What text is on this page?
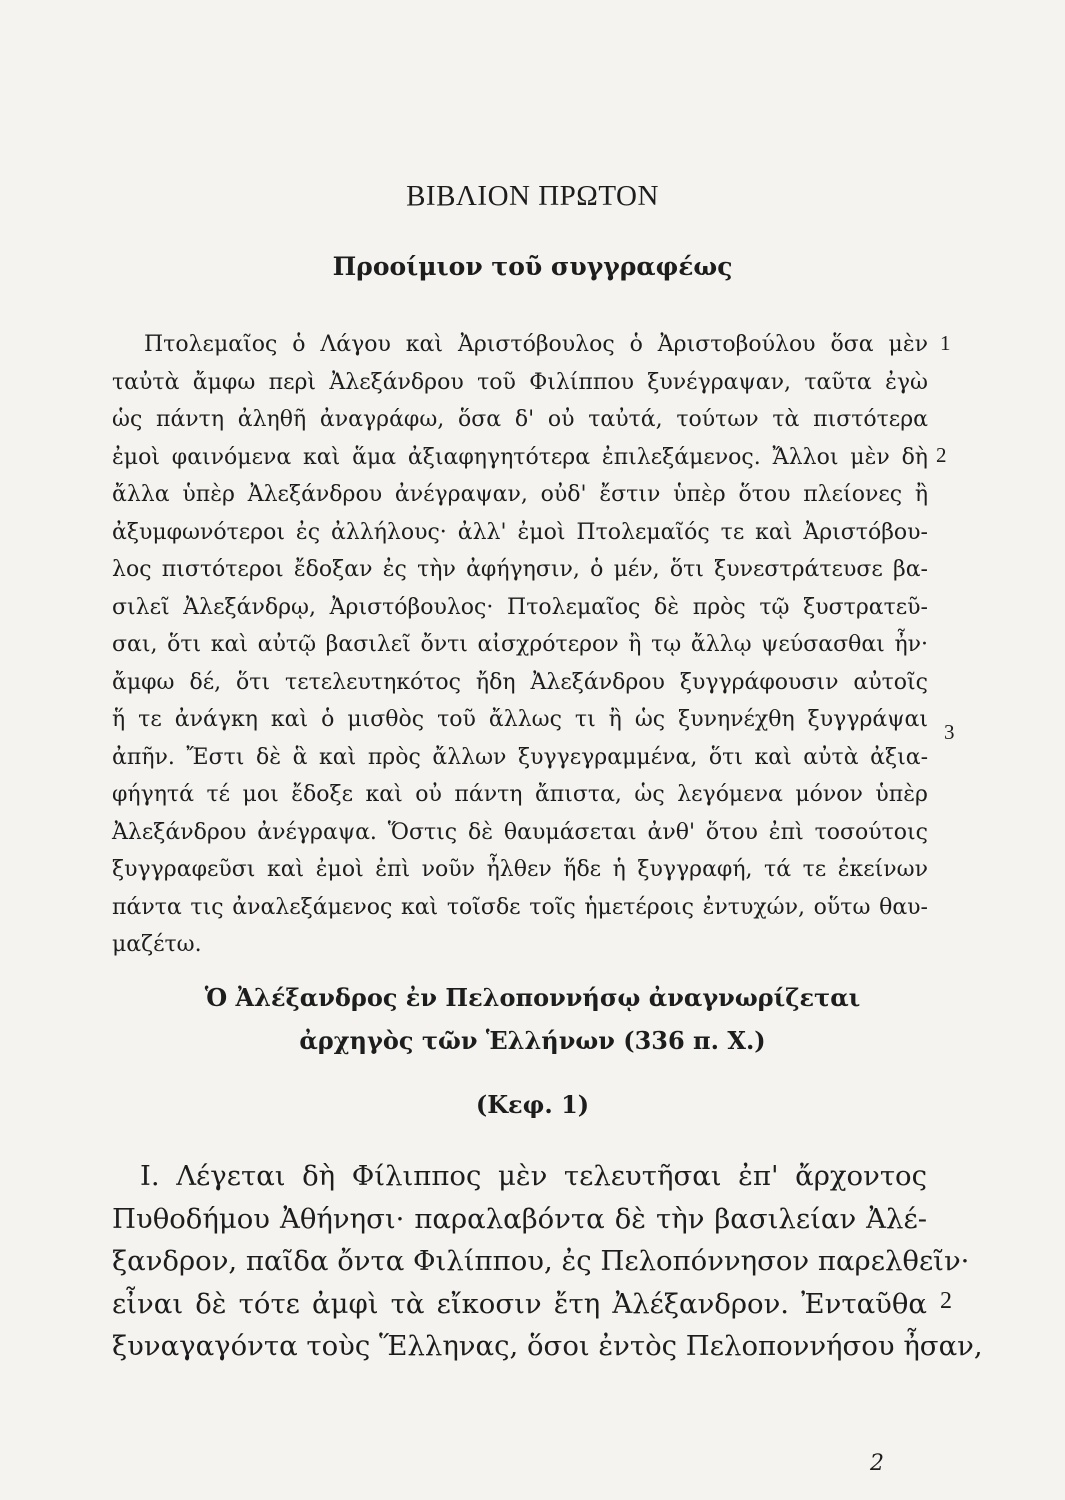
ΒΙΒΛΙΟΝ ΠΡΩΤΟΝ
Προοίμιον τοῦ συγγραφέως
Πτολεμαῖος ὁ Λάγου καὶ Ἀριστόβουλος ὁ Ἀριστοβούλου ὅσα μὲν
ταὐτὰ ἄμφω περὶ Ἀλεξάνδρου τοῦ Φιλίππου ξυνέγραψαν, ταῦτα ἐγὼ
ὡς πάντη ἀληθῆ ἀναγράφω, ὅσα δ' οὐ ταὐτά, τούτων τὰ πιστότερα
ἐμοὶ φαινόμενα καὶ ἅμα ἀξιαφηγητότερα ἐπιλεξάμενος. Ἄλλοι μὲν δὴ
ἄλλα ὑπὲρ Ἀλεξάνδρου ἀνέγραψαν, οὐδ' ἔστιν ὑπὲρ ὅτου πλείονες ἢ
ἀξυμφωνότεροι ἐς ἀλλήλους· ἀλλ' ἐμοὶ Πτολεμαῖός τε καὶ Ἀριστόβου-
λος πιστότεροι ἔδοξαν ἐς τὴν ἀφήγησιν, ὁ μέν, ὅτι ξυνεστράτευσε βα-
σιλεῖ Ἀλεξάνδρῳ, Ἀριστόβουλος· Πτολεμαῖος δὲ πρὸς τῷ ξυστρατεῦ-
σαι, ὅτι καὶ αὐτῷ βασιλεῖ ὄντι αἰσχρότερον ἢ τῳ ἄλλῳ ψεύσασθαι ἦν·
ἄμφω δέ, ὅτι τετελευτηκότος ἤδη Ἀλεξάνδρου ξυγγράφουσιν αὐτοῖς
ἥ τε ἀνάγκη καὶ ὁ μισθὸς τοῦ ἄλλως τι ἢ ὡς ξυνηνέχθη ξυγγράψαι
ἀπῆν. Ἔστι δὲ ἃ καὶ πρὸς ἄλλων ξυγγεγραμμένα, ὅτι καὶ αὐτὰ ἀξια-
φήγητά τέ μοι ἔδοξε καὶ οὐ πάντη ἄπιστα, ὡς λεγόμενα μόνον ὑπὲρ
Ἀλεξάνδρου ἀνέγραψα. Ὅστις δὲ θαυμάσεται ἀνθ' ὅτου ἐπὶ τοσούτοις
ξυγγραφεῦσι καὶ ἐμοὶ ἐπὶ νοῦν ἦλθεν ἥδε ἡ ξυγγραφή, τά τε ἐκείνων
πάντα τις ἀναλεξάμενος καὶ τοῖσδε τοῖς ἡμετέροις ἐντυχών, οὕτω θαυ-
μαζέτω.
1
2
3
Ὁ Ἀλέξανδρος ἐν Πελοποννήσῳ ἀναγνωρίζεται
ἀρχηγὸς τῶν Ἑλλήνων (336 π. Χ.)
(Κεφ. 1)
I. Λέγεται δὴ Φίλιππος μὲν τελευτῆσαι ἐπ' ἄρχοντος
Πυθοδήμου Ἀθήνησι· παραλαβόντα δὲ τὴν βασιλείαν Ἀλέ-
ξανδρον, παῖδα ὄντα Φιλίππου, ἐς Πελοπόννησον παρελθεῖν·
εἶναι δὲ τότε ἀμφὶ τὰ εἴκοσιν ἔτη Ἀλέξανδρον. Ἐνταῦθα
ξυναγαγόντα τοὺς Ἕλληνας, ὅσοι ἐντὸς Πελοποννήσου ἦσαν,
2
2
